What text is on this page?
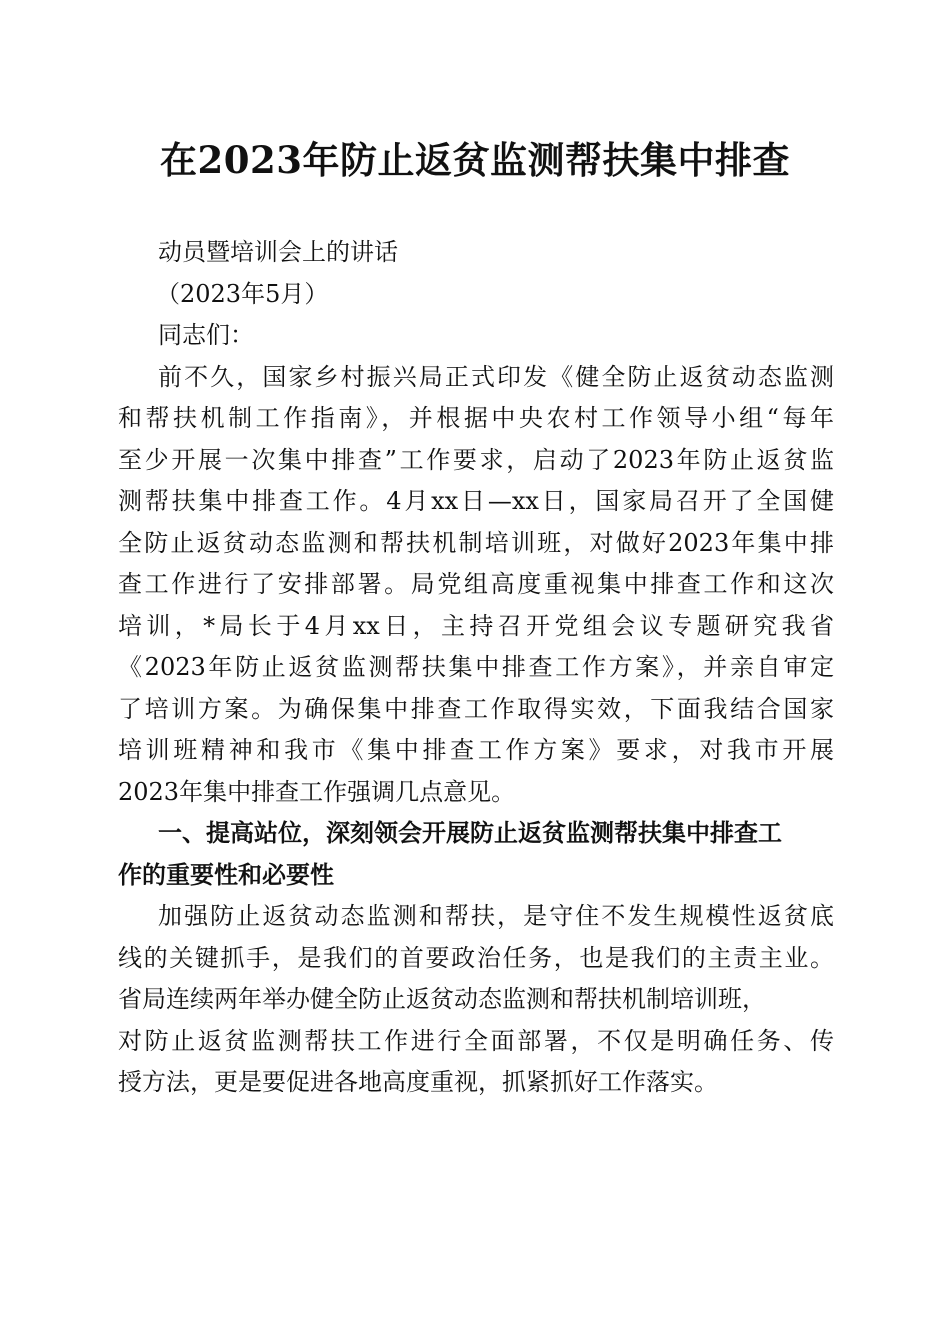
在2023年防止返贫监测帮扶集中排查
动员暨培训会上的讲话
（2023年5月）
同志们：
前不久，国家乡村振兴局正式印发《健全防止返贫动态监测
和帮扶机制工作指南》，并根据中央农村工作领导小组“每年
至少开展一次集中排查”工作要求，启动了2023年防止返贫监
测帮扶集中排查工作。4月xx日—xx日，国家局召开了全国健
全防止返贫动态监测和帮扶机制培训班，对做好2023年集中排
查工作进行了安排部署。局党组高度重视集中排查工作和这次
培训，*局长于4月xx日，主持召开党组会议专题研究我省
《2023年防止返贫监测帮扶集中排查工作方案》，并亲自审定
了培训方案。为确保集中排查工作取得实效，下面我结合国家
培训班精神和我市《集中排查工作方案》要求，对我市开展
2023年集中排查工作强调几点意见。
一、提高站位，深刻领会开展防止返贫监测帮扶集中排查工
作的重要性和必要性
加强防止返贫动态监测和帮扶，是守住不发生规模性返贫底
线的关键抓手，是我们的首要政治任务，也是我们的主责主业。
省局连续两年举办健全防止返贫动态监测和帮扶机制培训班，
对防止返贫监测帮扶工作进行全面部署，不仅是明确任务、传
授方法，更是要促进各地高度重视，抓紧抓好工作落实。
